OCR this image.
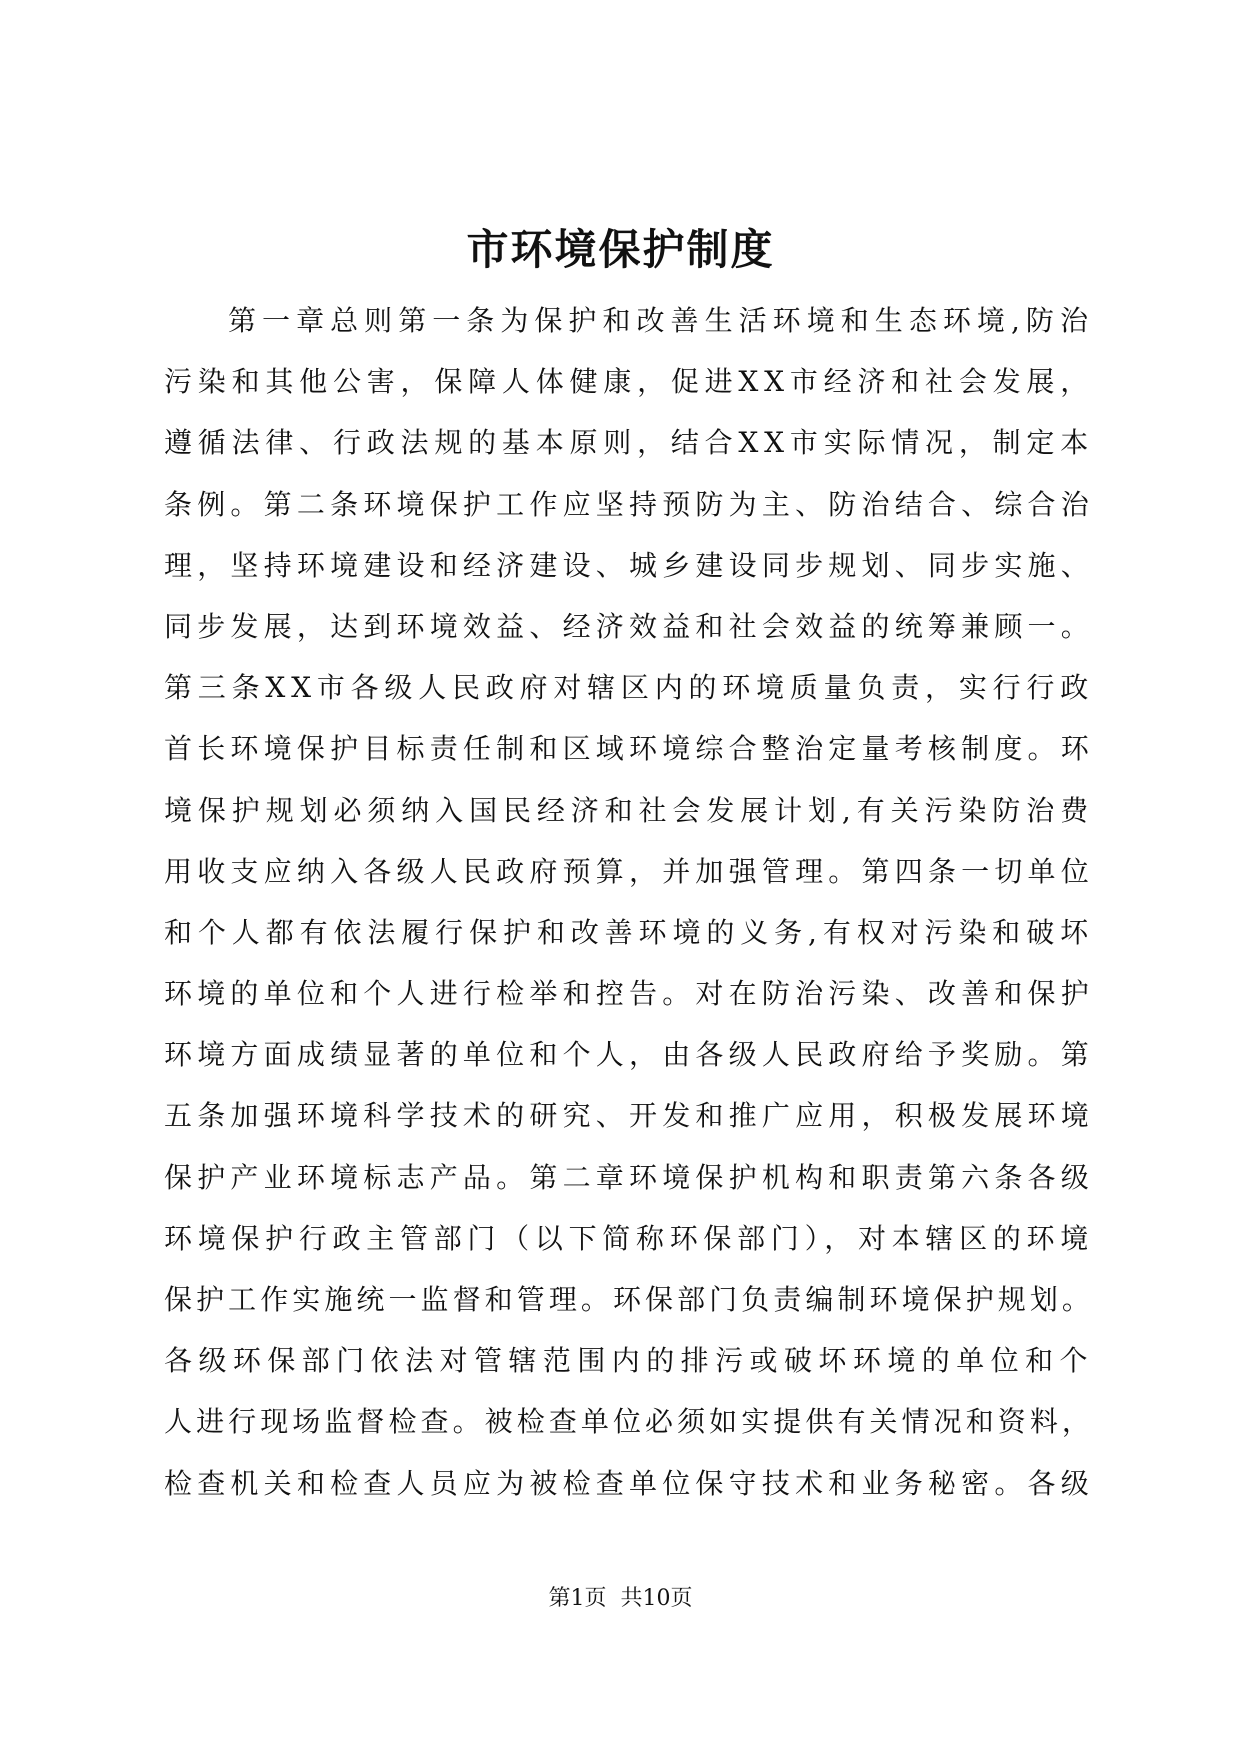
市环境保护制度
第一章总则第一条为保护和改善生活环境和生态环境,防治
污染和其他公害，保障人体健康，促进XX市经济和社会发展，
遵循法律、行政法规的基本原则，结合XX市实际情况，制定本
条例。第二条环境保护工作应坚持预防为主、防治结合、综合治
理，坚持环境建设和经济建设、城乡建设同步规划、同步实施、
同步发展，达到环境效益、经济效益和社会效益的统筹兼顾一。
第三条XX市各级人民政府对辖区内的环境质量负责，实行行政
首长环境保护目标责任制和区域环境综合整治定量考核制度。环
境保护规划必须纳入国民经济和社会发展计划,有关污染防治费
用收支应纳入各级人民政府预算，并加强管理。第四条一切单位
和个人都有依法履行保护和改善环境的义务,有权对污染和破坏
环境的单位和个人进行检举和控告。对在防治污染、改善和保护
环境方面成绩显著的单位和个人，由各级人民政府给予奖励。第
五条加强环境科学技术的研究、开发和推广应用，积极发展环境
保护产业环境标志产品。第二章环境保护机构和职责第六条各级
环境保护行政主管部门（以下简称环保部门），对本辖区的环境
保护工作实施统一监督和管理。环保部门负责编制环境保护规划。
各级环保部门依法对管辖范围内的排污或破坏环境的单位和个
人进行现场监督检查。被检查单位必须如实提供有关情况和资料，
检查机关和检查人员应为被检查单位保守技术和业务秘密。各级
第1页 共10页
